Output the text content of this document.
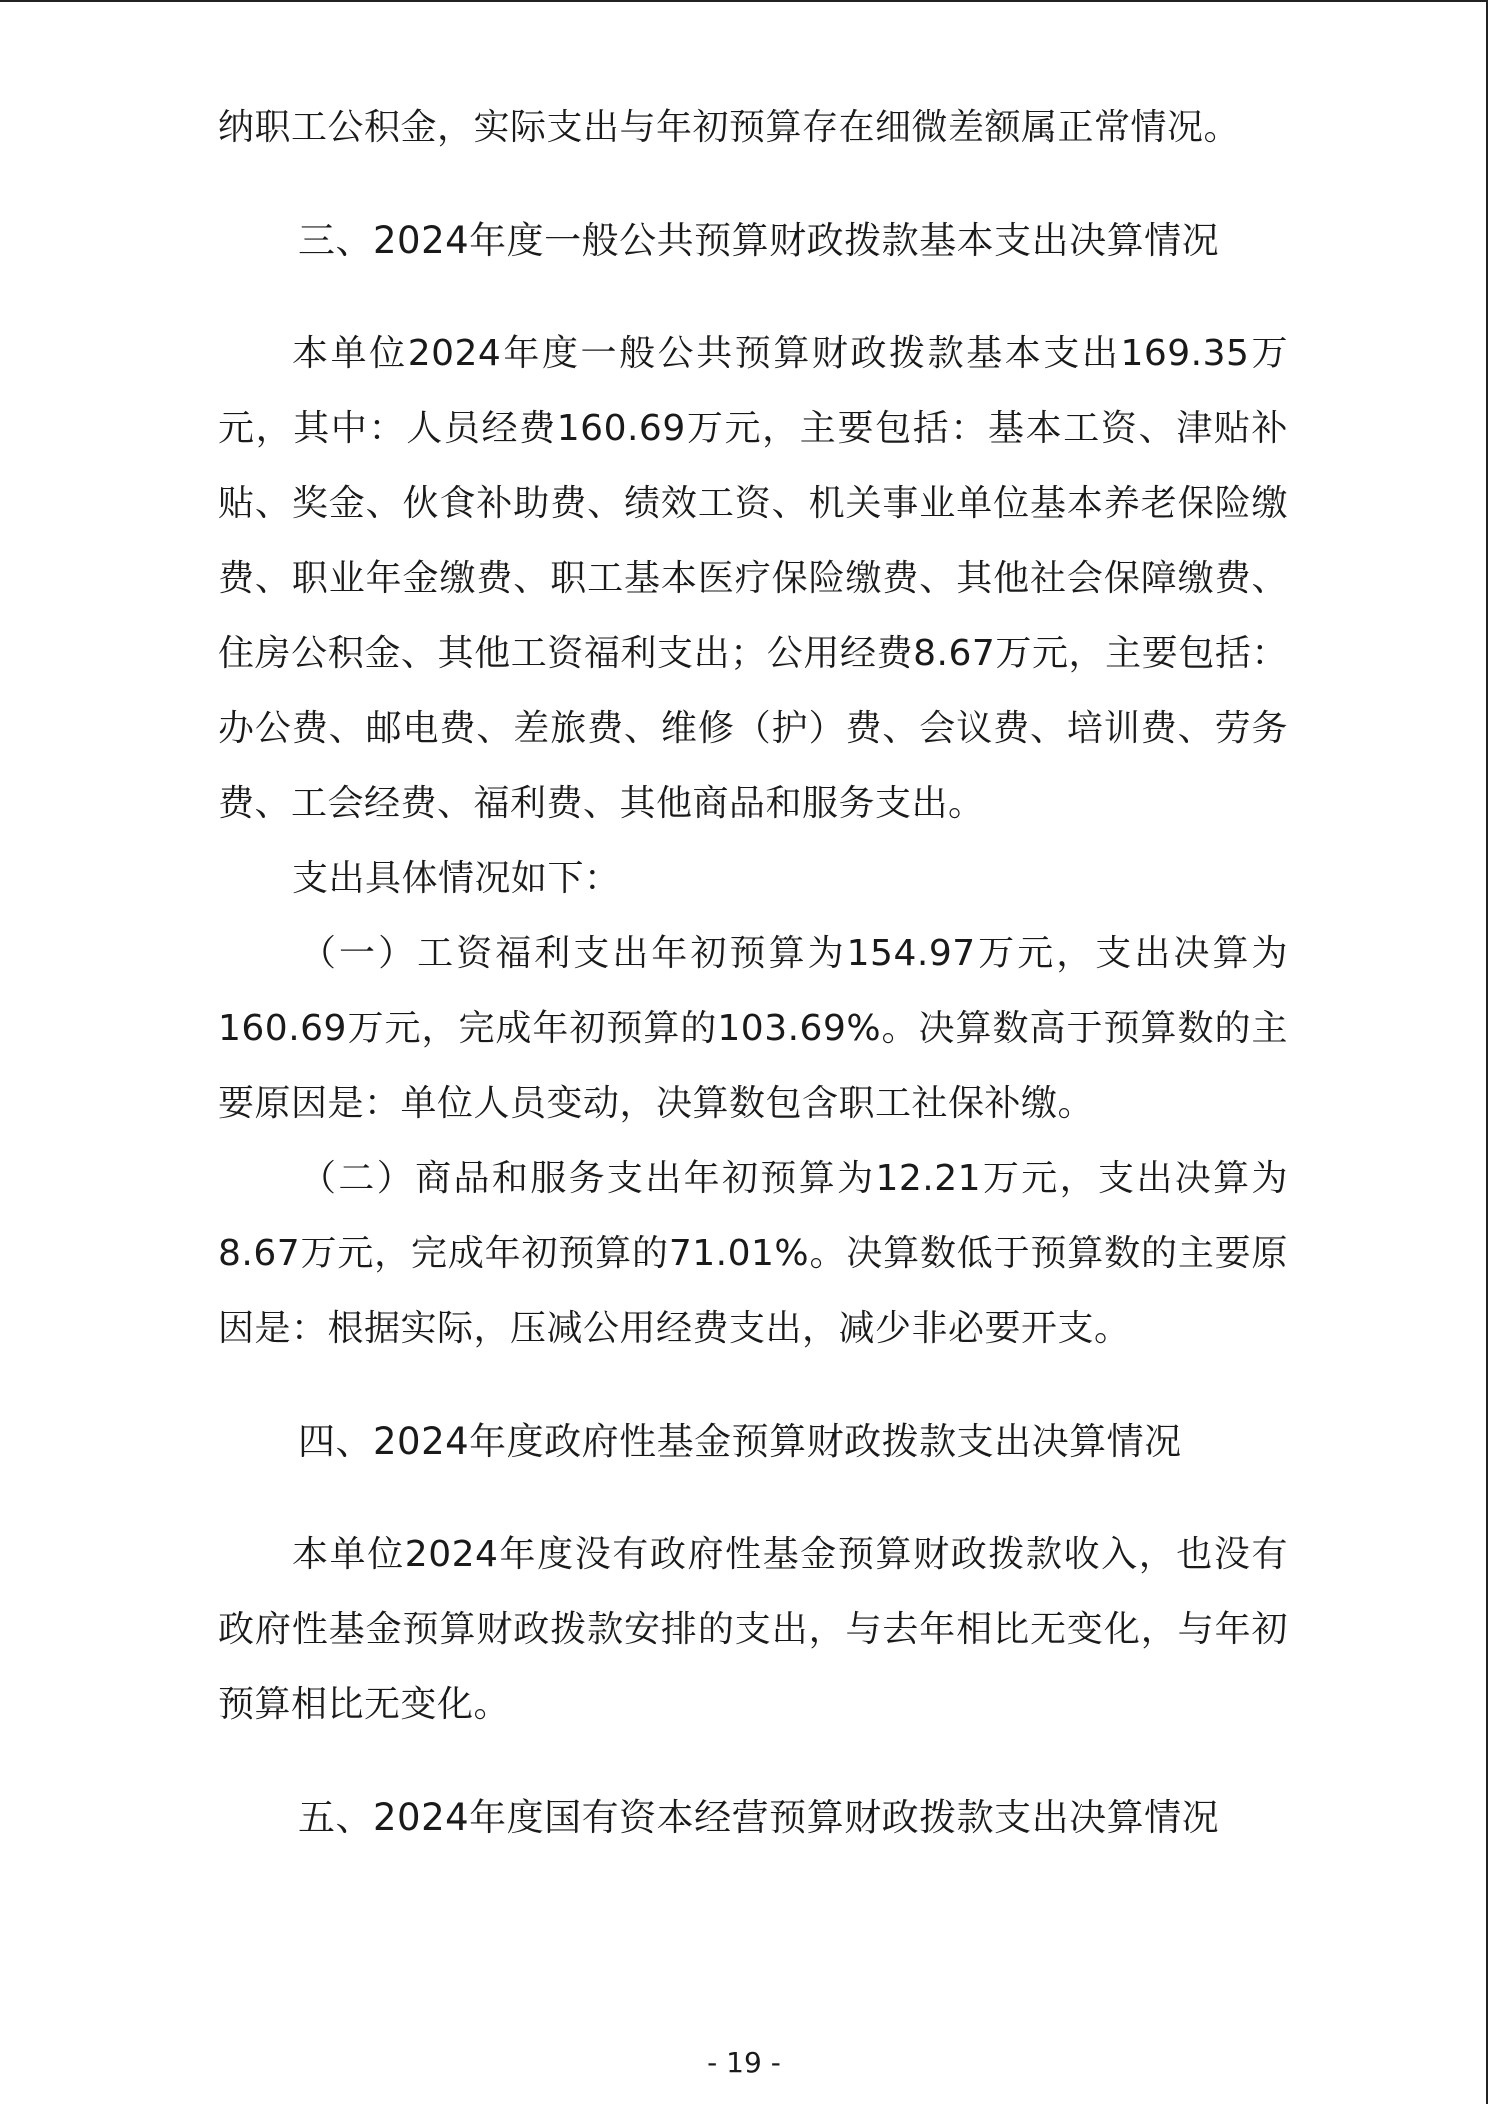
纳职工公积金，实际支出与年初预算存在细微差额属正常情况。

三、2024年度一般公共预算财政拨款基本支出决算情况

本单位2024年度一般公共预算财政拨款基本支出169.35万元，其中：人员经费160.69万元，主要包括：基本工资、津贴补贴、奖金、伙食补助费、绩效工资、机关事业单位基本养老保险缴费、职业年金缴费、职工基本医疗保险缴费、其他社会保障缴费、住房公积金、其他工资福利支出；公用经费8.67万元，主要包括：办公费、邮电费、差旅费、维修（护）费、会议费、培训费、劳务费、工会经费、福利费、其他商品和服务支出。

支出具体情况如下：

（一）工资福利支出年初预算为154.97万元，支出决算为160.69万元，完成年初预算的103.69%。决算数高于预算数的主要原因是：单位人员变动，决算数包含职工社保补缴。

（二）商品和服务支出年初预算为12.21万元，支出决算为8.67万元，完成年初预算的71.01%。决算数低于预算数的主要原因是：根据实际，压减公用经费支出，减少非必要开支。

四、2024年度政府性基金预算财政拨款支出决算情况

本单位2024年度没有政府性基金预算财政拨款收入，也没有政府性基金预算财政拨款安排的支出，与去年相比无变化，与年初预算相比无变化。

五、2024年度国有资本经营预算财政拨款支出决算情况
- 19 -
